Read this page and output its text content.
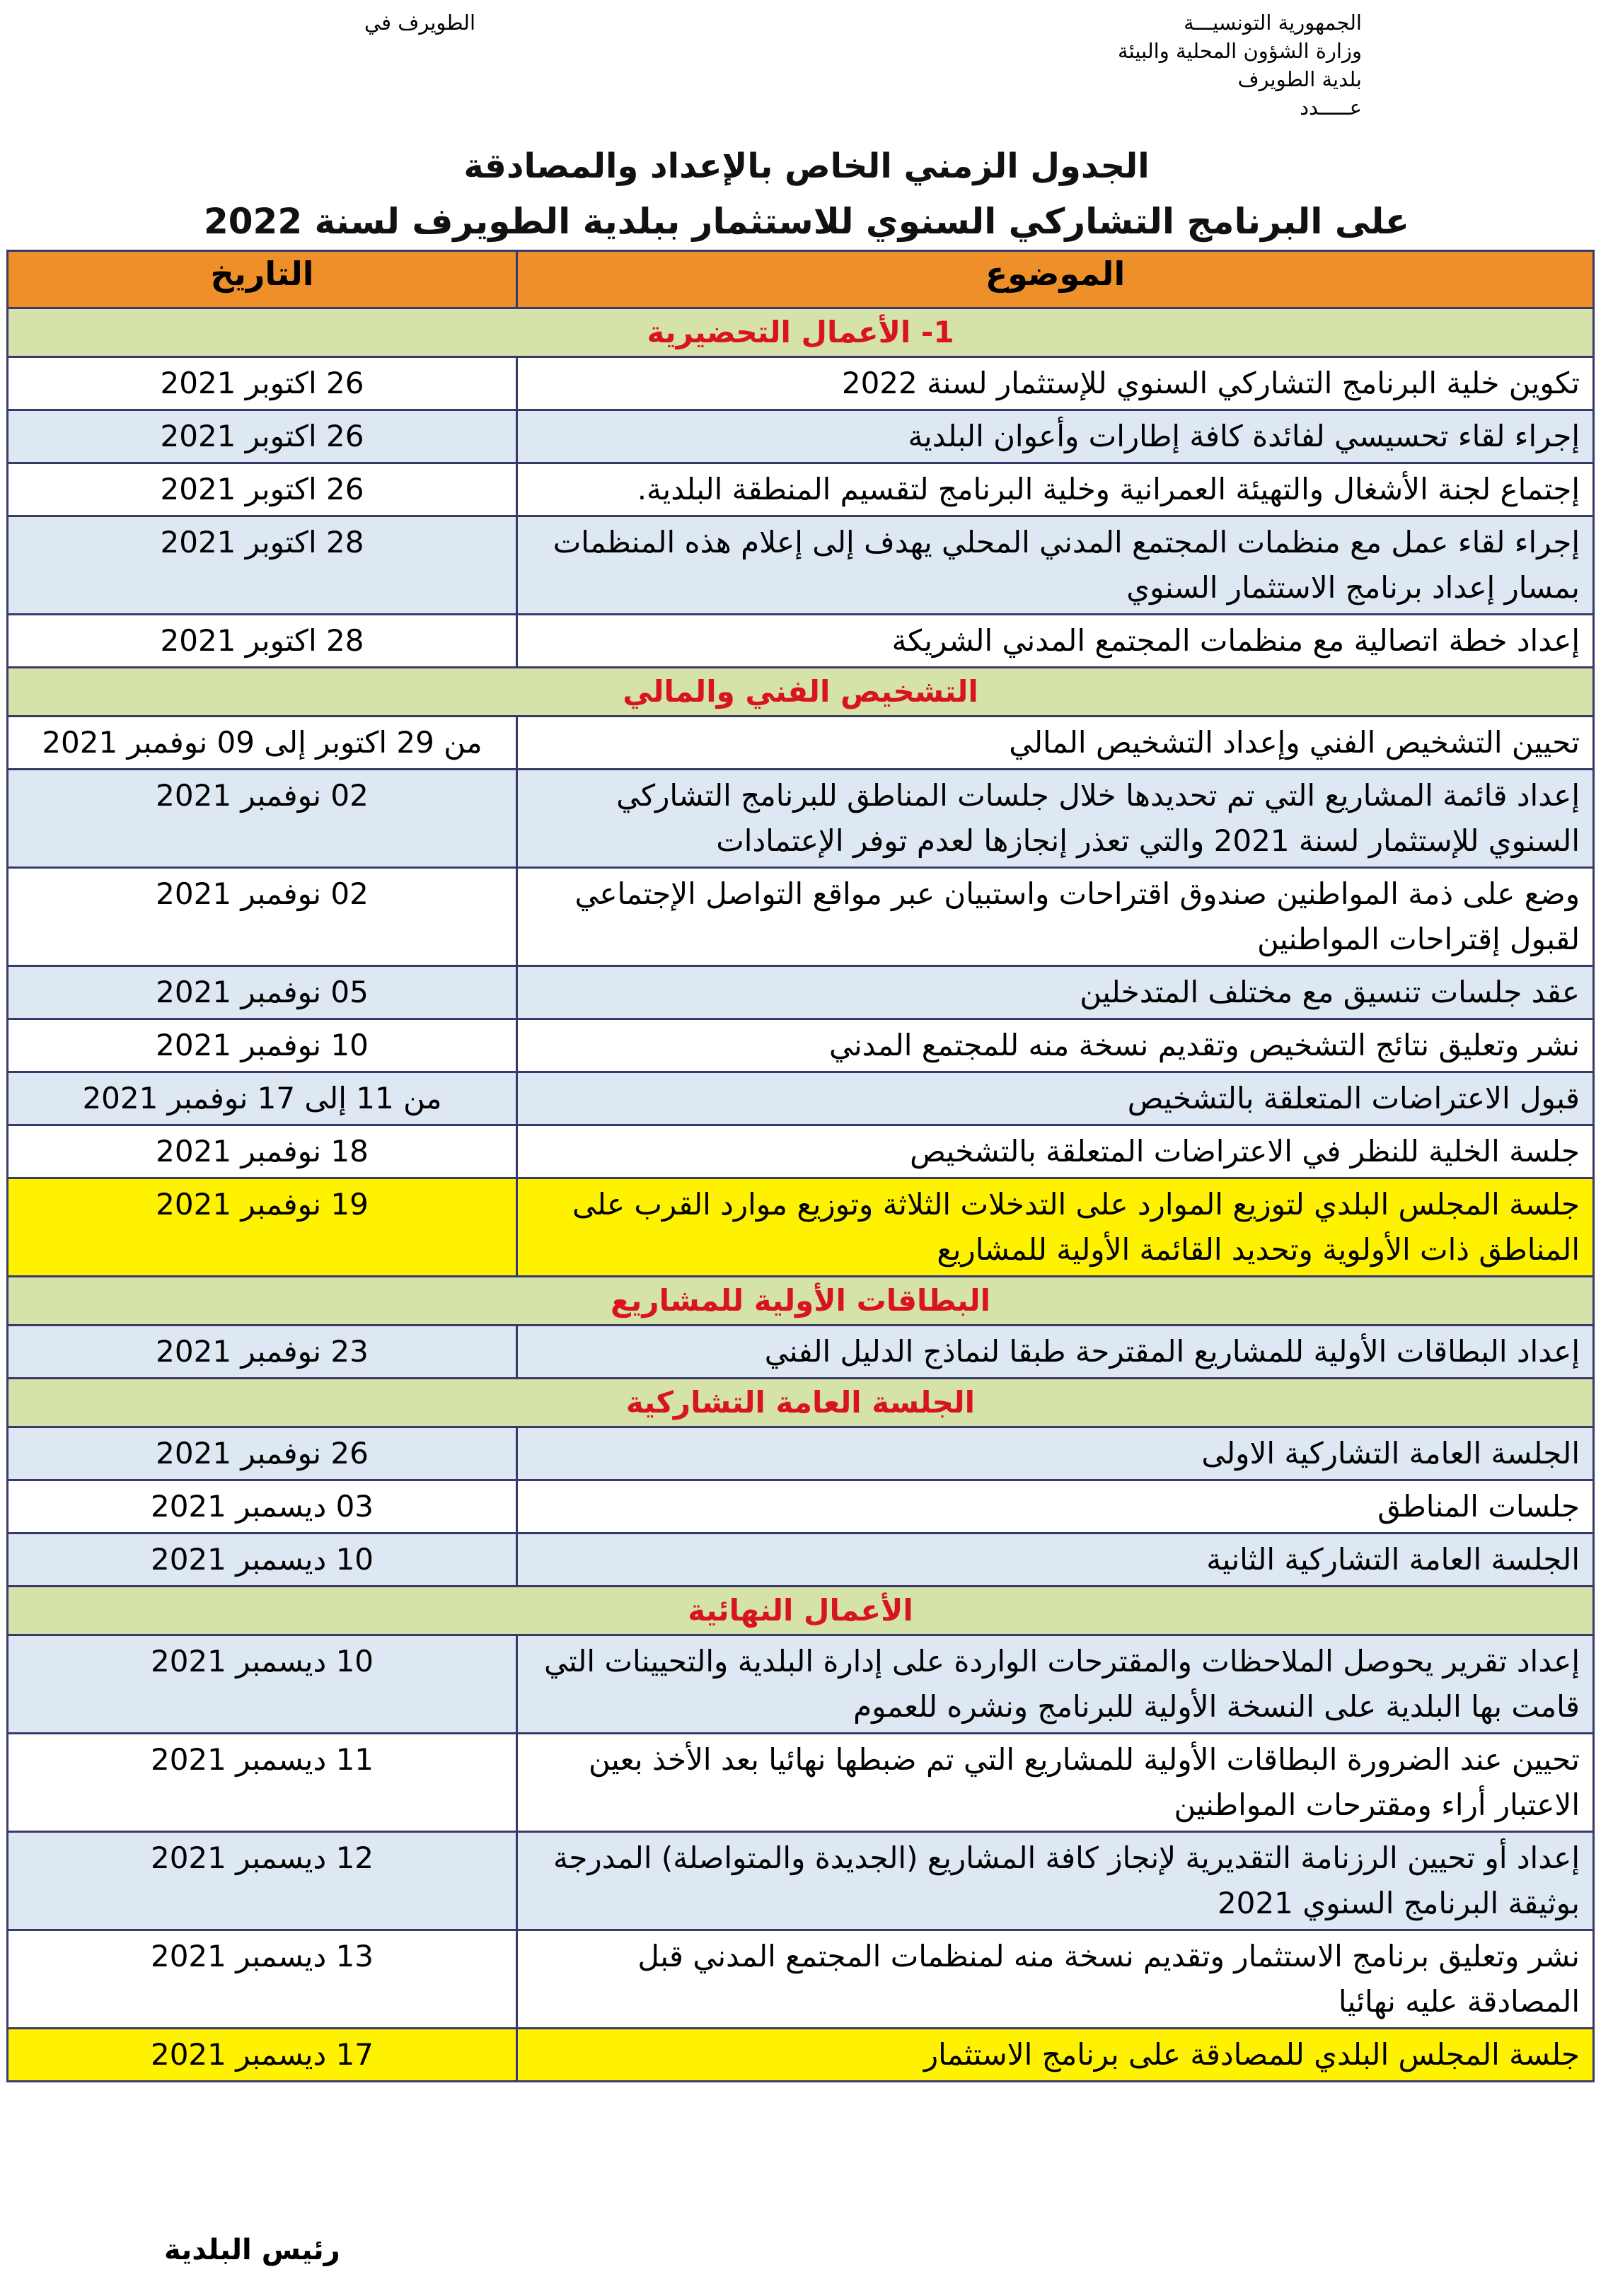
الجمهورية التونسيـــة
وزارة الشؤون المحلية والبيئة
بلدية الطويرف
عـــــدد
الطويرف في
الجدول الزمني الخاص بالإعداد والمصادقة
على البرنامج التشاركي السنوي للاستثمار ببلدية الطويرف لسنة 2022
الموضوع	التاريخ
1- الأعمال التحضيرية	
تكوين خلية البرنامج التشاركي السنوي للإستثمار لسنة 2022	26 اكتوبر 2021
إجراء لقاء تحسيسي لفائدة كافة إطارات وأعوان البلدية	26 اكتوبر 2021
إجتماع لجنة الأشغال والتهيئة العمرانية وخلية البرنامج لتقسيم المنطقة البلدية.	26 اكتوبر 2021
إجراء لقاء عمل مع منظمات المجتمع المدني المحلي يهدف إلى إعلام هذه المنظمات بمسار إعداد برنامج الاستثمار السنوي	28 اكتوبر 2021
إعداد خطة اتصالية مع منظمات المجتمع المدني الشريكة	28 اكتوبر 2021
التشخيص الفني والمالي	
تحيين التشخيص الفني وإعداد التشخيص المالي	من 29 اكتوبر إلى 09 نوفمبر 2021
إعداد قائمة المشاريع التي تم تحديدها خلال جلسات المناطق للبرنامج التشاركي السنوي للإستثمار لسنة 2021 والتي تعذر إنجازها لعدم توفر الإعتمادات	02 نوفمبر 2021
وضع على ذمة المواطنين صندوق اقتراحات واستبيان عبر مواقع التواصل الإجتماعي لقبول إقتراحات المواطنين	02 نوفمبر 2021
عقد جلسات تنسيق مع مختلف المتدخلين	05 نوفمبر 2021
نشر وتعليق نتائج التشخيص وتقديم نسخة منه للمجتمع المدني	10 نوفمبر 2021
قبول الاعتراضات المتعلقة بالتشخيص	من 11 إلى 17 نوفمبر 2021
جلسة الخلية للنظر في الاعتراضات المتعلقة بالتشخيص	18 نوفمبر 2021
جلسة المجلس البلدي لتوزيع الموارد على التدخلات الثلاثة وتوزيع موارد القرب على المناطق ذات الأولوية وتحديد القائمة الأولية للمشاريع	19 نوفمبر 2021
البطاقات الأولية للمشاريع	
إعداد البطاقات الأولية للمشاريع المقترحة طبقا لنماذج الدليل الفني	23 نوفمبر 2021
الجلسة العامة التشاركية	
الجلسة العامة التشاركية الاولى	26 نوفمبر 2021
جلسات المناطق	03 ديسمبر 2021
الجلسة العامة التشاركية الثانية	10 ديسمبر 2021
الأعمال النهائية	
إعداد تقرير يحوصل الملاحظات والمقترحات الواردة على إدارة البلدية والتحيينات التي قامت بها البلدية على النسخة الأولية للبرنامج ونشره للعموم	10 ديسمبر 2021
تحيين عند الضرورة البطاقات الأولية للمشاريع التي تم ضبطها نهائيا بعد الأخذ بعين الاعتبار أراء ومقترحات المواطنين	11 ديسمبر 2021
إعداد أو تحيين الرزنامة التقديرية لإنجاز كافة المشاريع (الجديدة والمتواصلة) المدرجة بوثيقة البرنامج السنوي 2021	12 ديسمبر 2021
نشر وتعليق برنامج الاستثمار وتقديم نسخة منه لمنظمات المجتمع المدني قبل المصادقة عليه نهائيا	13 ديسمبر 2021
جلسة المجلس البلدي للمصادقة على برنامج الاستثمار	17 ديسمبر 2021
رئيس البلدية
